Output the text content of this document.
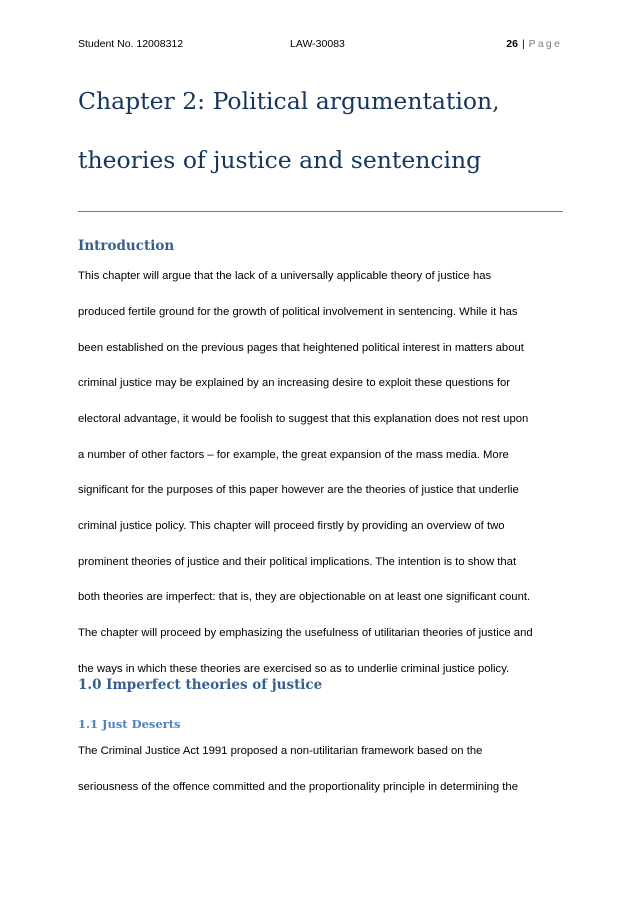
Student No. 12008312	LAW-30083	26 | Page
Chapter 2: Political argumentation,
theories of justice and sentencing
Introduction

This chapter will argue that the lack of a universally applicable theory of justice has

produced fertile ground for the growth of political involvement in sentencing. While it has

been established on the previous pages that heightened political interest in matters about

criminal justice may be explained by an increasing desire to exploit these questions for

electoral advantage, it would be foolish to suggest that this explanation does not rest upon

a number of other factors – for example, the great expansion of the mass media. More

significant for the purposes of this paper however are the theories of justice that underlie

criminal justice policy. This chapter will proceed firstly by providing an overview of two

prominent theories of justice and their political implications. The intention is to show that

both theories are imperfect: that is, they are objectionable on at least one significant count.

The chapter will proceed by emphasizing the usefulness of utilitarian theories of justice and

the ways in which these theories are exercised so as to underlie criminal justice policy.

1.0 Imperfect theories of justice
1.1 Just Deserts

The Criminal Justice Act 1991 proposed a non-utilitarian framework based on the

seriousness of the offence committed and the proportionality principle in determining the
